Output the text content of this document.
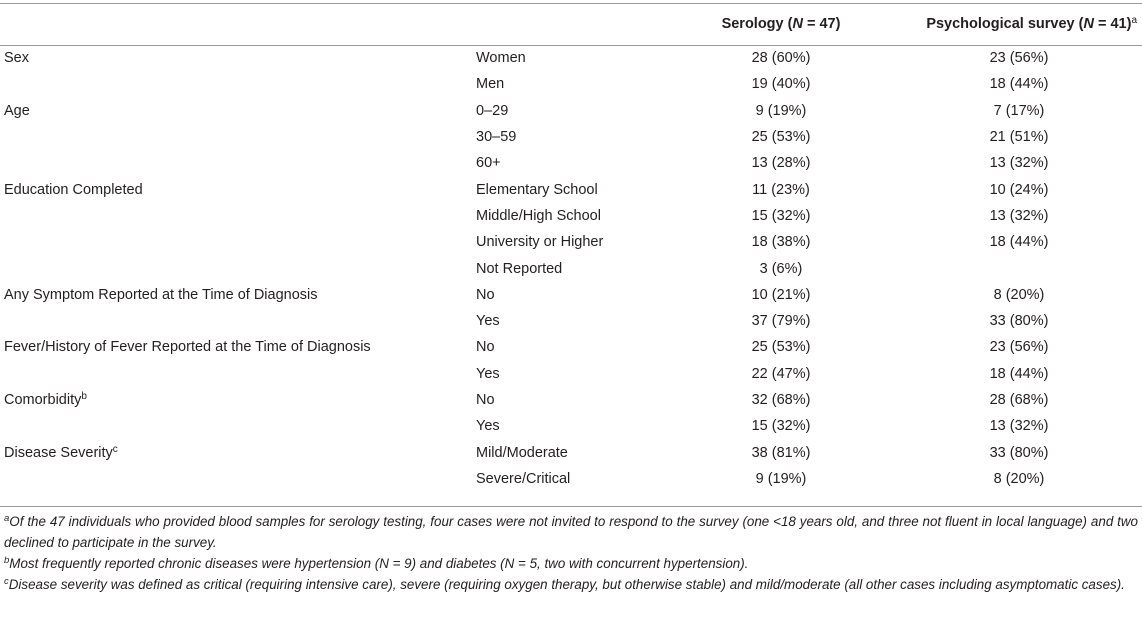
		Serology (N = 47)	Psychological survey (N = 41)$^a$
Sex	Women	28 (60%)	23 (56%)
	Men	19 (40%)	18 (44%)
Age	0–29	9 (19%)	7 (17%)
	30–59	25 (53%)	21 (51%)
	60+	13 (28%)	13 (32%)
Education Completed	Elementary School	11 (23%)	10 (24%)
	Middle/High School	15 (32%)	13 (32%)
	University or Higher	18 (38%)	18 (44%)
	Not Reported	3 (6%)	
Any Symptom Reported at the Time of Diagnosis	No	10 (21%)	8 (20%)
	Yes	37 (79%)	33 (80%)
Fever/History of Fever Reported at the Time of Diagnosis	No	25 (53%)	23 (56%)
	Yes	22 (47%)	18 (44%)
Comorbidity$^b$	No	32 (68%)	28 (68%)
	Yes	15 (32%)	13 (32%)
Disease Severity$^c$	Mild/Moderate	38 (81%)	33 (80%)
	Severe/Critical	9 (19%)	8 (20%)
$^a$Of the 47 individuals who provided blood samples for serology testing, four cases were not invited to respond to the survey (one <18 years old, and three not fluent in local language) and two declined to participate in the survey.
$^b$Most frequently reported chronic diseases were hypertension (N = 9) and diabetes (N = 5, two with concurrent hypertension).
$^c$Disease severity was defined as critical (requiring intensive care), severe (requiring oxygen therapy, but otherwise stable) and mild/moderate (all other cases including asymptomatic cases).
